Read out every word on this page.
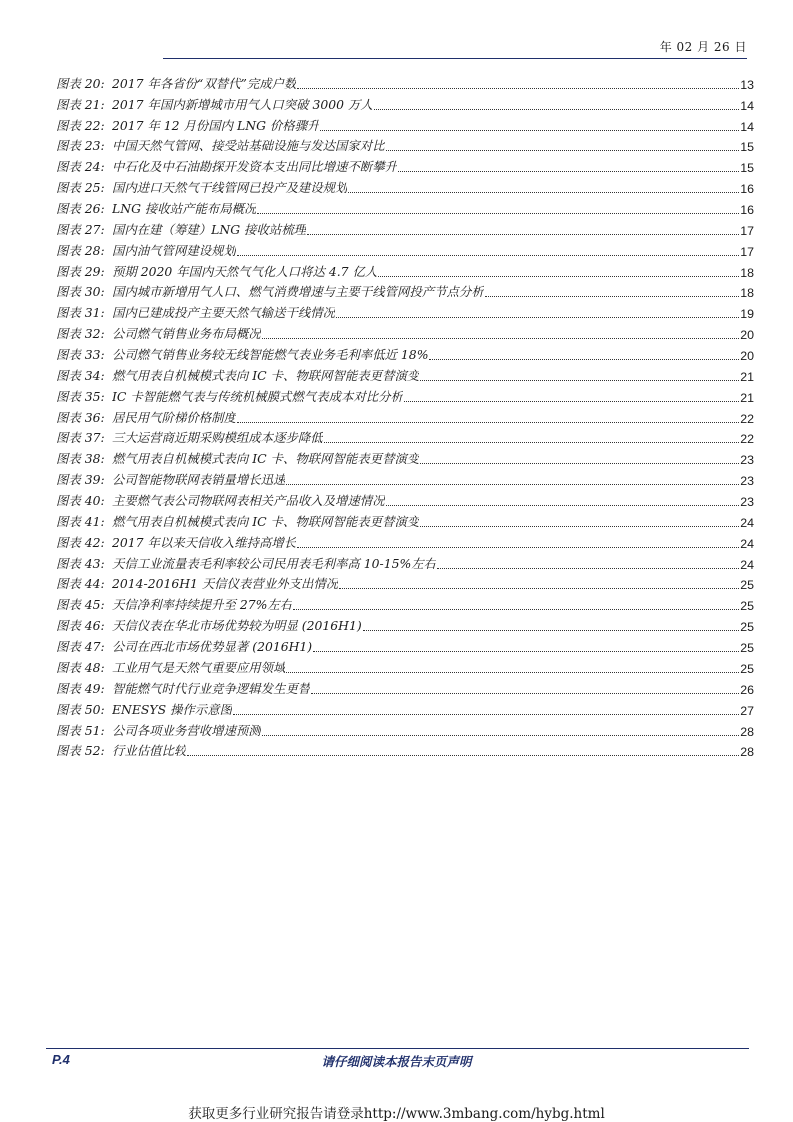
年 02 月 26 日
图表 20: 2017 年各省份“双替代”完成户数	13
图表 21: 2017 年国内新增城市用气人口突破 3000 万人	14
图表 22: 2017 年 12 月份国内 LNG 价格骤升	14
图表 23: 中国天然气管网、接受站基础设施与发达国家对比	15
图表 24: 中石化及中石油勘探开发资本支出同比增速不断攀升	15
图表 25: 国内进口天然气干线管网已投产及建设规划	16
图表 26: LNG 接收站产能布局概况	16
图表 27: 国内在建（筹建）LNG 接收站梳理	17
图表 28: 国内油气管网建设规划	17
图表 29: 预期 2020 年国内天然气气化人口将达 4.7 亿人	18
图表 30: 国内城市新增用气人口、燃气消费增速与主要干线管网投产节点分析	18
图表 31: 国内已建成投产主要天然气输送干线情况	19
图表 32: 公司燃气销售业务布局概况	20
图表 33: 公司燃气销售业务较无线智能燃气表业务毛利率低近 18%	20
图表 34: 燃气用表自机械模式表向 IC 卡、物联网智能表更替演变	21
图表 35: IC 卡智能燃气表与传统机械膜式燃气表成本对比分析	21
图表 36: 居民用气阶梯价格制度	22
图表 37: 三大运营商近期采购模组成本逐步降低	22
图表 38: 燃气用表自机械模式表向 IC 卡、物联网智能表更替演变	23
图表 39: 公司智能物联网表销量增长迅速	23
图表 40: 主要燃气表公司物联网表相关产品收入及增速情况	23
图表 41: 燃气用表自机械模式表向 IC 卡、物联网智能表更替演变	24
图表 42: 2017 年以来天信收入维持高增长	24
图表 43: 天信工业流量表毛利率较公司民用表毛利率高 10-15%左右	24
图表 44: 2014-2016H1 天信仪表营业外支出情况	25
图表 45: 天信净利率持续提升至 27%左右	25
图表 46: 天信仪表在华北市场优势较为明显 (2016H1)	25
图表 47: 公司在西北市场优势显著 (2016H1)	25
图表 48: 工业用气是天然气重要应用领域	25
图表 49: 智能燃气时代行业竞争逻辑发生更替	26
图表 50: ENESYS 操作示意图	27
图表 51: 公司各项业务营收增速预测	28
图表 52: 行业估值比较	28
P.4	请仔细阅读本报告末页声明
获取更多行业研究报告请登录http://www.3mbang.com/hybg.html
